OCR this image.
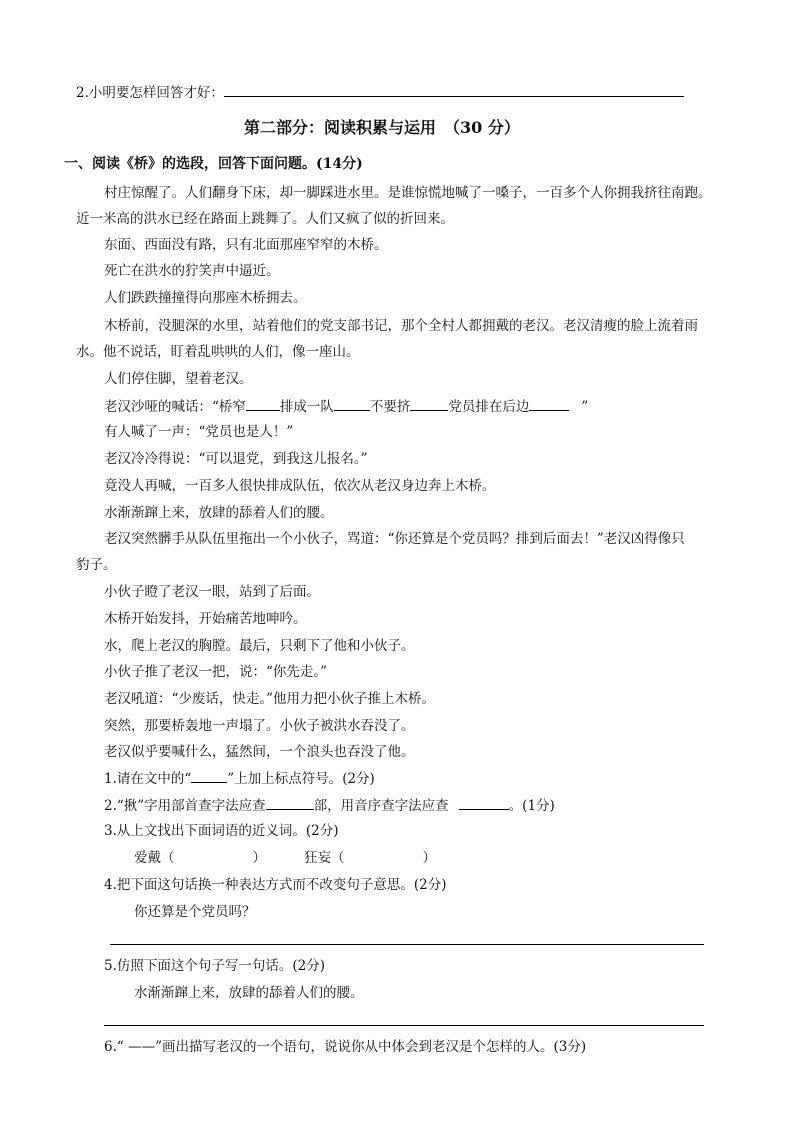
2.小明要怎样回答才好：
第二部分：阅读积累与运用　（30 分）
一、阅读《桥》的选段，回答下面问题。(14分)
村庄惊醒了。人们翻身下床，却一脚踩进水里。是谁惊慌地喊了一嗓子，一百多个人你拥我挤往南跑。
近一米高的洪水已经在路面上跳舞了。人们又疯了似的折回来。
东面、西面没有路，只有北面那座窄窄的木桥。
死亡在洪水的狞笑声中逼近。
人们跌跌撞撞得向那座木桥拥去。
木桥前，没腿深的水里，站着他们的党支部书记，那个全村人都拥戴的老汉。老汉清瘦的脸上流着雨
水。他不说话，盯着乱哄哄的人们，像一座山。
人们停住脚，望着老汉。
老汉沙哑的喊话：“桥窄	排成一队	不要挤	党员排在后边	”
有人喊了一声：“党员也是人！”
老汉冷冷得说：“可以退党，到我这儿报名。”
竟没人再喊，一百多人很快排成队伍，依次从老汉身边奔上木桥。
水渐渐蹿上来，放肆的舔着人们的腰。
老汉突然髒手从队伍里拖出一个小伙子，骂道：“你还算是个党员吗？排到后面去！”老汉凶得像只
豹子。
小伙子瞪了老汉一眼，站到了后面。
木桥开始发抖，开始痛苦地呻吟。
水，爬上老汉的胸膛。最后，只剩下了他和小伙子。
小伙子推了老汉一把，说：“你先走。”
老汉吼道：“少废话，快走。”他用力把小伙子推上木桥。
突然，那要桥轰地一声塌了。小伙子被洪水吞没了。
老汉似乎要喊什么，猛然间，一个浪头也吞没了他。
1.请在文中的“	”上加上标点符号。(2分)
2.“揪”字用部首查字法应查	部，用音序查字法应查	。(1分)
3.从上文找出下面词语的近义词。(2分)
爱戴（	）	狂妄（	）
4.把下面这句话换一种表达方式而不改变句子意思。(2分)
你还算是个党员吗？
5.仿照下面这个句子写一句话。(2分)
水渐渐蹿上来，放肆的舔着人们的腰。
6.“ ——”画出描写老汉的一个语句，说说你从中体会到老汉是个怎样的人。(3分)
